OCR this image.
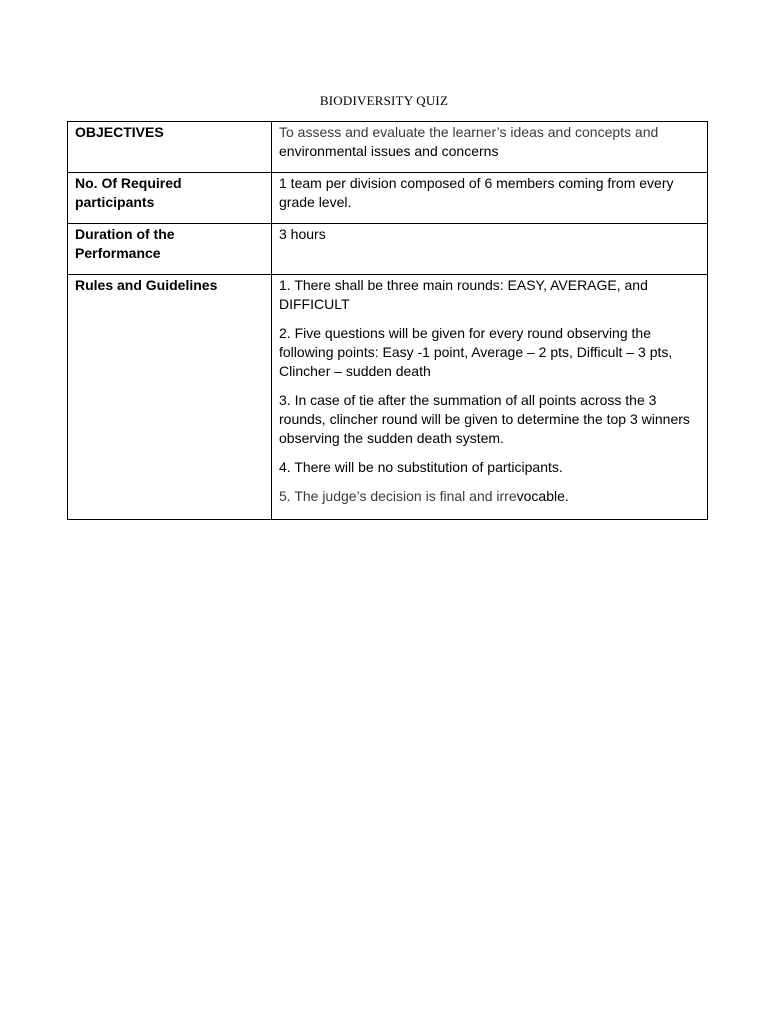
BIODIVERSITY QUIZ
OBJECTIVES	To assess and evaluate the learner’s ideas and concepts and
environmental issues and concerns
No. Of Required participants	1 team per division composed of 6 members coming from every grade level.
Duration of the Performance	3 hours
Rules and Guidelines	1. There shall be three main rounds: EASY, AVERAGE, and DIFFICULT
2. Five questions will be given for every round observing the following points: Easy -1 point, Average – 2 pts, Difficult – 3 pts, Clincher – sudden death
3. In case of tie after the summation of all points across the 3 rounds, clincher round will be given to determine the top 3 winners observing the sudden death system.
4. There will be no substitution of participants.
5. The judge’s decision is final and irrevocable.
